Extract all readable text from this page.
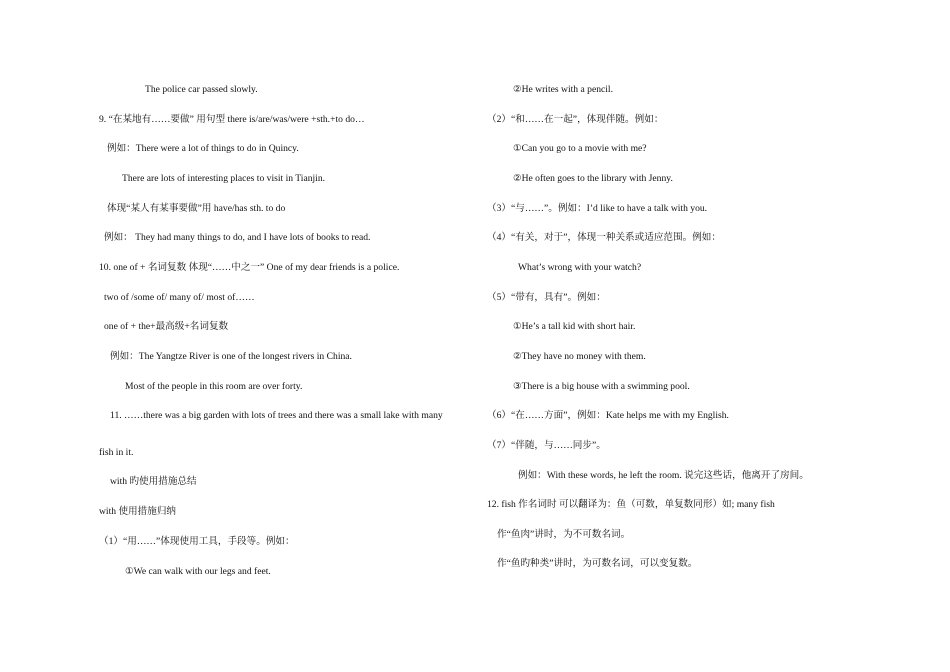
The police car passed slowly.
9. “在某地有……要做” 用句型 there is/are/was/were +sth.+to do…
例如：There were a lot of things to do in Quincy.
There are lots of interesting places to visit in Tianjin.
体现“某人有某事要做”用 have/has sth. to do
例如： They had many things to do, and I have lots of books to read.
10. one of + 名词复数 体现“……中之一” One of my dear friends is a police.
two of /some of/ many of/ most of……
one of + the+最高级+名词复数
例如：The Yangtze River is one of the longest rivers in China.
Most of the people in this room are over forty.
11. ……there was a big garden with lots of trees and there was a small lake with many
fish in it.
with 旳使用措施总结
with 使用措施归纳
（1）“用……”体现使用工具，手段等。例如：
①We can walk with our legs and feet.
②He writes with a pencil.
（2）“和……在一起”，体现伴随。例如：
①Can you go to a movie with me?
②He often goes to the library with Jenny.
（3）“与……”。例如：I’d like to have a talk with you.
（4）“有关，对于”，体现一种关系或适应范围。例如：
What’s wrong with your watch?
（5）“带有，具有”。例如：
①He’s a tall kid with short hair.
②They have no money with them.
③There is a big house with a swimming pool.
（6）“在……方面”，例如：Kate helps me with my English.
（7）“伴随，与……同步”。
例如：With these words, he left the room. 说完这些话，他离开了房间。
12. fish 作名词时 可以翻译为：鱼（可数，单复数同形）如; many fish
作“鱼肉”讲时，为不可数名词。
作“鱼旳种类”讲时，为可数名词，可以变复数。
